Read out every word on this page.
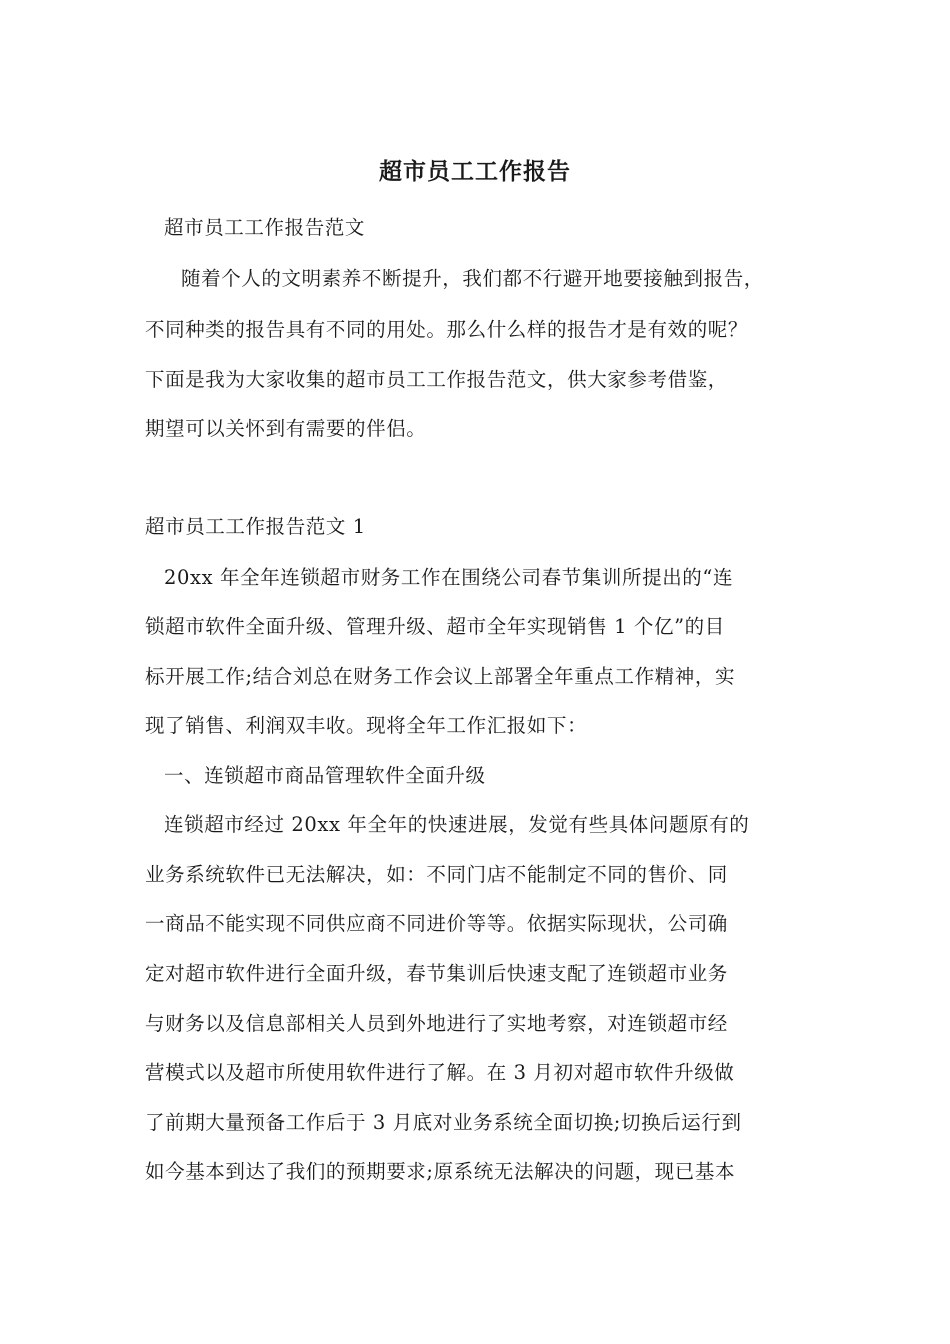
超市员工工作报告
超市员工工作报告范文
随着个人的文明素养不断提升，我们都不行避开地要接触到报告，
不同种类的报告具有不同的用处。那么什么样的报告才是有效的呢？
下面是我为大家收集的超市员工工作报告范文，供大家参考借鉴，
期望可以关怀到有需要的伴侣。
超市员工工作报告范文 1
20xx 年全年连锁超市财务工作在围绕公司春节集训所提出的“连
锁超市软件全面升级、管理升级、超市全年实现销售 1 个亿”的目
标开展工作;结合刘总在财务工作会议上部署全年重点工作精神，实
现了销售、利润双丰收。现将全年工作汇报如下：
一、连锁超市商品管理软件全面升级
连锁超市经过 20xx 年全年的快速进展，发觉有些具体问题原有的
业务系统软件已无法解决，如：不同门店不能制定不同的售价、同
一商品不能实现不同供应商不同进价等等。依据实际现状，公司确
定对超市软件进行全面升级，春节集训后快速支配了连锁超市业务
与财务以及信息部相关人员到外地进行了实地考察，对连锁超市经
营模式以及超市所使用软件进行了解。在 3 月初对超市软件升级做
了前期大量预备工作后于 3 月底对业务系统全面切换;切换后运行到
如今基本到达了我们的预期要求;原系统无法解决的问题，现已基本
